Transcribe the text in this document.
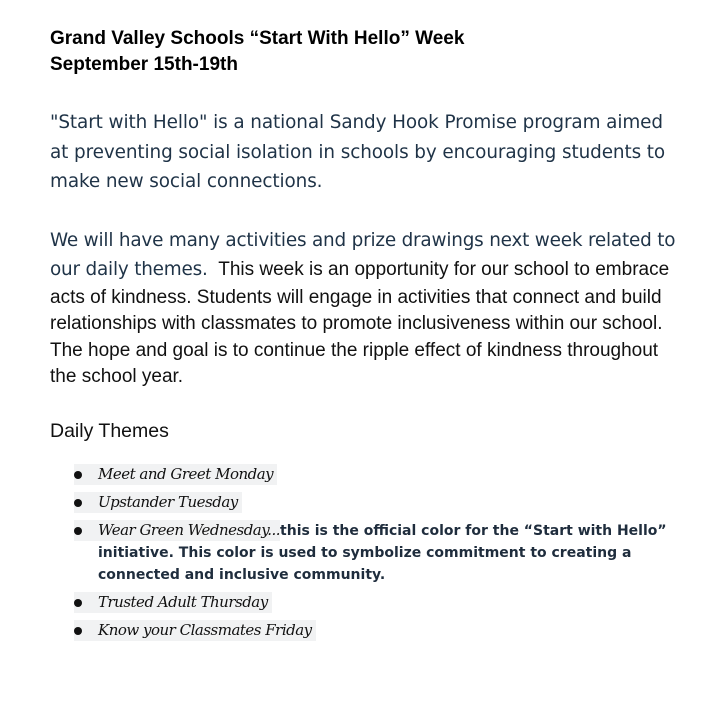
Grand Valley Schools “Start With Hello” Week
September 15th-19th
"Start with Hello" is a national Sandy Hook Promise program aimed at preventing social isolation in schools by encouraging students to make new social connections.
We will have many activities and prize drawings next week related to our daily themes. This week is an opportunity for our school to embrace acts of kindness. Students will engage in activities that connect and build relationships with classmates to promote inclusiveness within our school. The hope and goal is to continue the ripple effect of kindness throughout the school year.
Daily Themes
Meet and Greet Monday
Upstander Tuesday
Wear Green Wednesday...this is the official color for the “Start with Hello” initiative. This color is used to symbolize commitment to creating a connected and inclusive community.
Trusted Adult Thursday
Know your Classmates Friday
